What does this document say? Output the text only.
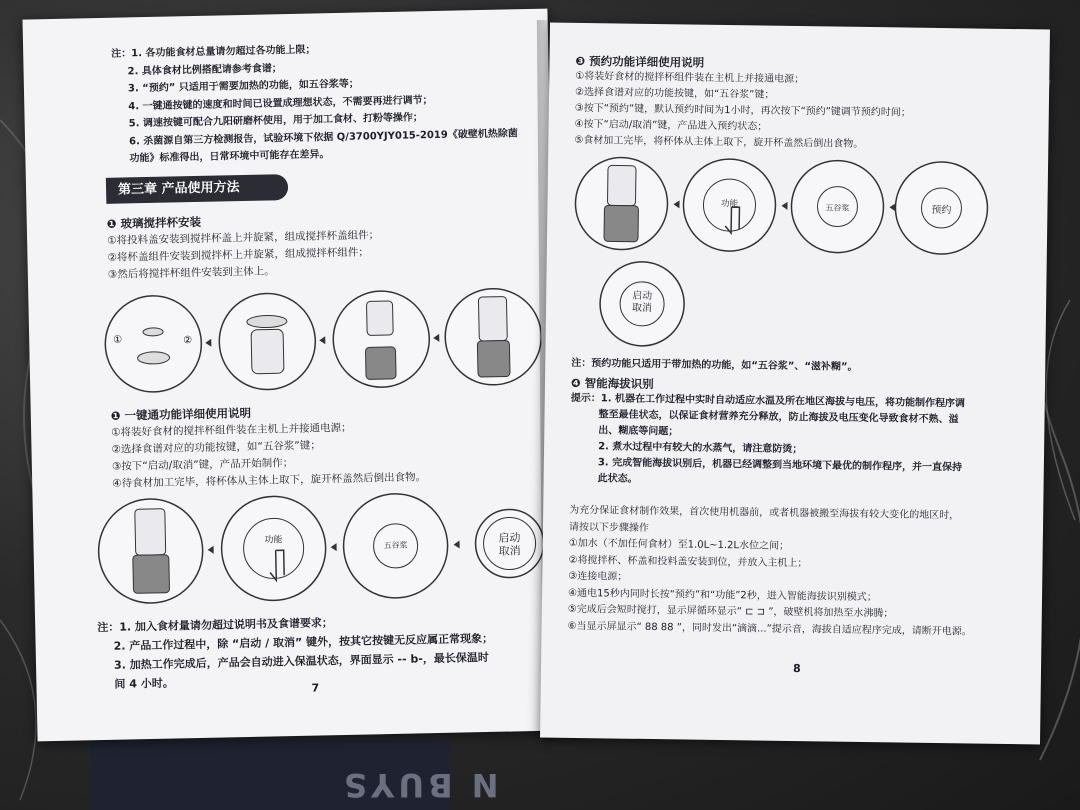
N BUYS
注：1. 各功能食材总量请勿超过各功能上限；
2. 具体食材比例搭配请参考食谱；
3. “预约” 只适用于需要加热的功能，如五谷浆等；
4. 一键通按键的速度和时间已设置成理想状态，不需要再进行调节；
5. 调速按键可配合九阳研磨杯使用，用于加工食材、打粉等操作；
6. 杀菌源自第三方检测报告，试验环境下依据 Q/3700YJY015-2019《破壁机热除菌
功能》标准得出，日常环境中可能存在差异。
第三章 产品使用方法
❶ 玻璃搅拌杯安装
①将投料盖安装到搅拌杯盖上并旋紧，组成搅拌杯盖组件；
②将杯盖组件安装到搅拌杯上并旋紧，组成搅拌杯组件；
③然后将搅拌杯组件安装到主体上。
①	②
❶ 一键通功能详细使用说明
①将装好食材的搅拌杯组件装在主机上并接通电源；
②选择食谱对应的功能按键，如“五谷浆”键；
③按下“启动/取消”键，产品开始制作；
④待食材加工完毕，将杯体从主体上取下，旋开杯盖然后倒出食物。
功能	五谷浆
启动
取消
注：1. 加入食材量请勿超过说明书及食谱要求；
2. 产品工作过程中，除 “启动 / 取消” 键外，按其它按键无反应属正常现象；
3. 加热工作完成后，产品会自动进入保温状态，界面显示 -- b-，最长保温时
间 4 小时。	7
❸ 预约功能详细使用说明
①将装好食材的搅拌杯组件装在主机上并接通电源；
②选择食谱对应的功能按键，如“五谷浆”键；
③按下“预约”键，默认预约时间为1小时，再次按下“预约”键调节预约时间；
④按下“启动/取消”键，产品进入预约状态；
⑤食材加工完毕，将杯体从主体上取下，旋开杯盖然后倒出食物。
功能	五谷浆	预约
启动
取消
注：预约功能只适用于带加热的功能，如“五谷浆”、“滋补糊”。
❹ 智能海拔识别
提示：1. 机器在工作过程中实时自动适应水温及所在地区海拔与电压，将功能制作程序调
整至最佳状态，以保证食材营养充分释放，防止海拔及电压变化导致食材不熟、溢
出、糊底等问题；
2. 煮水过程中有较大的水蒸气，请注意防烫；
3. 完成智能海拔识别后，机器已经调整到当地环境下最优的制作程序，并一直保持
此状态。
为充分保证食材制作效果，首次使用机器前，或者机器被搬至海拔有较大变化的地区时，
请按以下步骤操作
①加水（不加任何食材）至1.0L~1.2L水位之间；
②将搅拌杯、杯盖和投料盖安装到位，并放入主机上；
③连接电源；
④通电15秒内同时长按“预约”和“功能”2秒，进入智能海拔识别模式；
⑤完成后会短时搅打，显示屏循环显示“ ⊏ ⊐ ”，破壁机将加热至水沸腾；
⑥当显示屏显示“ 88 88 ”，同时发出“滴滴...”提示音，海拔自适应程序完成，请断开电源。
8
